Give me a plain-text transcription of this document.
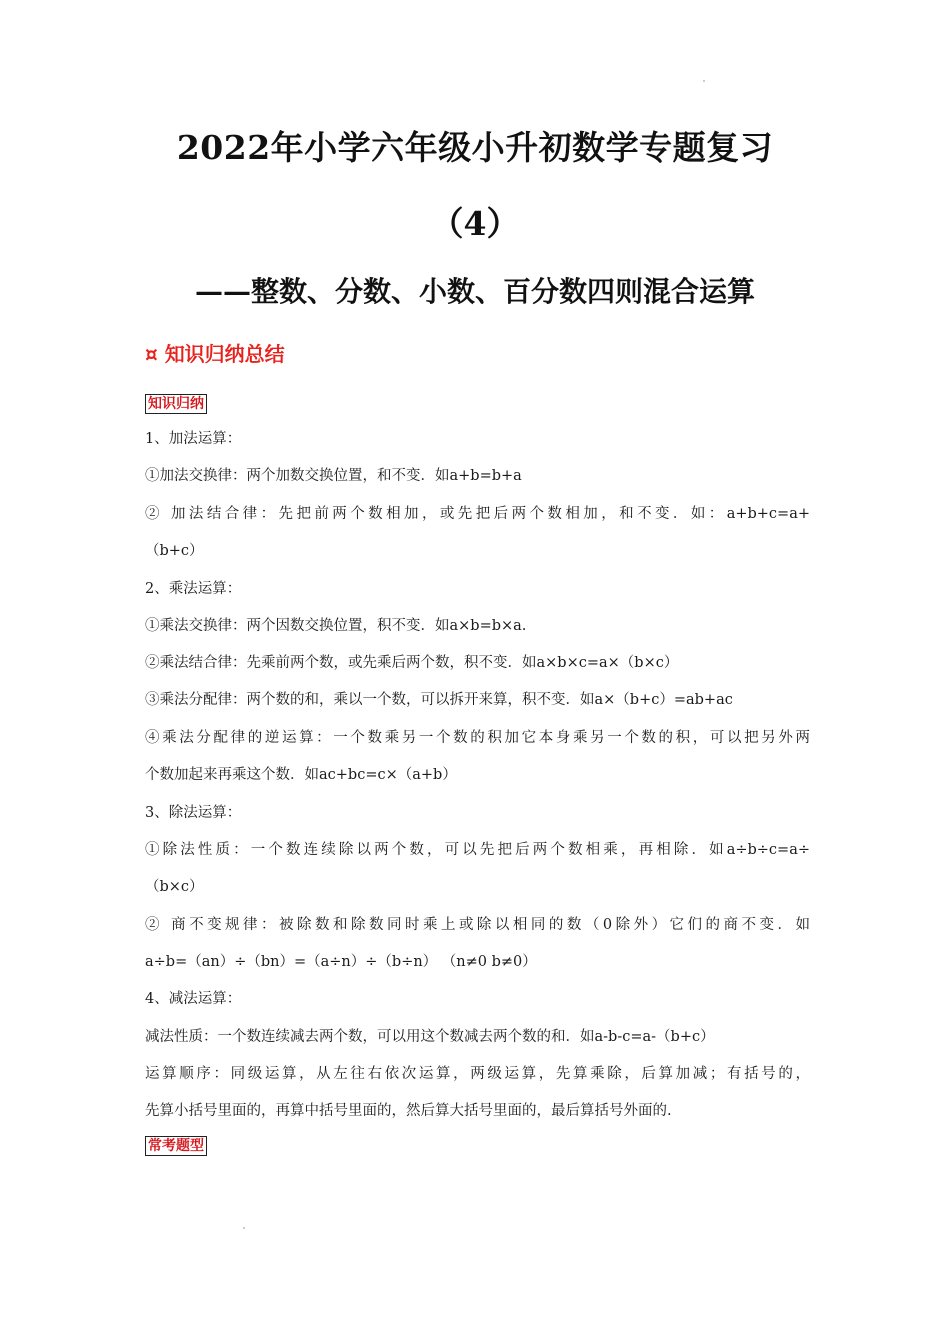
2022年小学六年级小升初数学专题复习
（4）
——整数、分数、小数、百分数四则混合运算
¤ 知识归纳总结
知识归纳
1、加法运算：
①加法交换律：两个加数交换位置，和不变．如a+b=b+a
② 加法结合律：先把前两个数相加，或先把后两个数相加，和不变．如：a+b+c=a+
（b+c）
2、乘法运算：
①乘法交换律：两个因数交换位置，积不变．如a×b=b×a.
②乘法结合律：先乘前两个数，或先乘后两个数，积不变．如a×b×c=a×（b×c）
③乘法分配律：两个数的和，乘以一个数，可以拆开来算，积不变．如a×（b+c）=ab+ac
④乘法分配律的逆运算：一个数乘另一个数的积加它本身乘另一个数的积，可以把另外两
个数加起来再乘这个数．如ac+bc=c×（a+b）
3、除法运算：
①除法性质：一个数连续除以两个数，可以先把后两个数相乘，再相除．如a÷b÷c=a÷
（b×c）
② 商不变规律：被除数和除数同时乘上或除以相同的数（0除外）它们的商不变．如
a÷b=（an）÷（bn）=（a÷n）÷（b÷n） （n≠0 b≠0）
4、减法运算：
减法性质：一个数连续减去两个数，可以用这个数减去两个数的和．如a-b-c=a-（b+c）
运算顺序：同级运算，从左往右依次运算，两级运算，先算乘除，后算加减；有括号的，
先算小括号里面的，再算中括号里面的，然后算大括号里面的，最后算括号外面的.
常考题型
